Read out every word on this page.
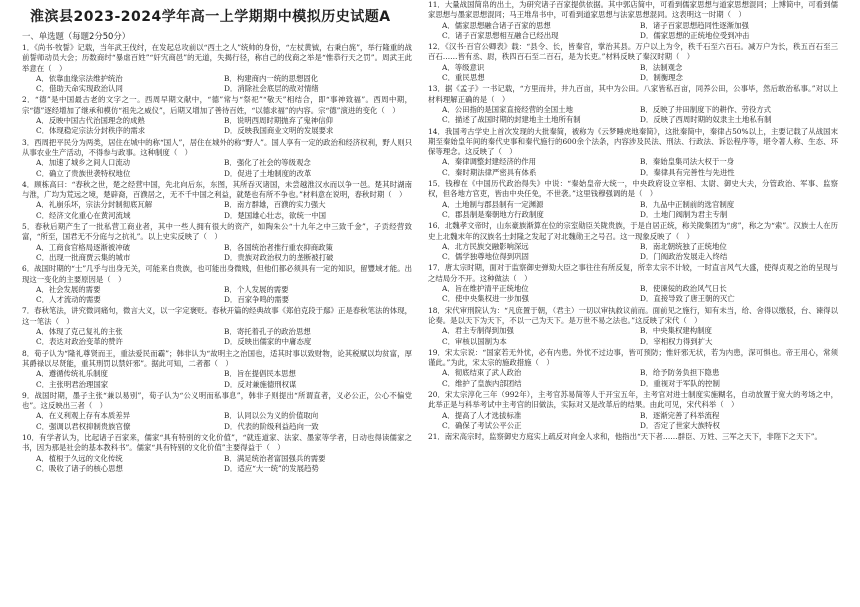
淮滨县2023-2024学年高一上学期期中模拟历史试题A
一、单选题（每题2分50分）

1．《尚书·牧誓》记载，当年武王伐纣，在发起总攻前以“西土之人”统帅的身份，“左杖黄钺，右秉白旄”，举行隆重的战前誓师动员大会；历数商纣“暴虐百姓”“奸宄商邑”的无道，失揭行径，称自己的伐商之举是“惟恭行天之罚”。周武王此举意在（　）

A．依靠血缘宗法维护统治	B．构建商内一统的思想固化
C．借助天命实现政治认同	D．消除社会底层的敌对情绪

2．“德”是中国最古老的文字之一。西周早期文献中，“德”常与“祭祀”“敬天”相结合，即“事神致福”。西周中期，宗“德”逐经增加了继承和模仿“祖先之威仪”，后期又增加了善待百姓，“以德求福”的内容。宗“德”演进的变化（　）

A．反映中国古代治国理念的成熟	B．说明西周时期抛弃了鬼神信仰
C．体现稳定宗法分封秩序的需求	D．反映我国商业文明的发展要求

3．西周把平民分为两类，居住在城中的称“国人”，居住在城外的称“野人”。国人享有一定的政治和经济权利，野人则只从事农业生产活动，不得参与政事。这种制度（　）

A．加速了城乡之间人口流动	B．强化了社会的等级观念
C．确立了贵族世袭特权地位	D．促进了土地制度的改革

4．顾栋高曰：“春秋之世，楚之经营中国，先北向后东，东图，其所吞灭诸国，未尝越淮汉水而以争一邑。楚其时湖南与淮，广均为荒远之境，楚辟裔，百濮居之，无不千中国之利益，就楚也有所不争也。”材料意在说明，春秋时期（　）

A．礼崩乐坏，宗法分封制彻底瓦解	B．南方群雄，百濮的实力强大
C．经济文化重心在黄河流域	D．楚国雄心壮志，欲统一中国

5．春秋后期产生了一批私营工商业者，其中一些人拥有很大的资产，如陶朱公“十九年之中三致千金”，子贡经营致富，“所至，国君无不分庭与之抗礼”。以上史实反映了（　）

A．工商食官格局逐渐被冲破	B．各国统治者推行重农抑商政策
C．出现一批商贾云集的城市	D．贵族对政治权力的垄断被打破

6．战国时期的“士”几乎与出身无关，可能来自贵族，也可能出身微贱，但他们都必须具有一定的知识，留豐域才能。出现这一变化的主要原因是（　）

A．社会发展的需要	B．个人发展的需要
C．人才流动的需要	D．百家争鸣的需要

7．春秋笔法，讲究微词痛句，微言大义，以一字定褒贬。春秋开篇的经典故事《郑伯克段于鄢》正是春秋笔法的体现，这一笔法（　）

A．体现了克己复礼的主张	B．寄托着孔子的政治思想
C．表达对政治变革的赞许	D．反映出儒家的中庸态度

8．荀子认为“隆礼尊贤而王，重法爱民而霸”；韩非认为“故明主之治国也，适其时事以致财物，论其税赋以均贫富，厚其爵禄以尽贤能，重其刑罚以禁奸邪”。据此可知，二者都（　）

A．遵循传统礼乐制度	B．旨在提倡民本思想
C．主张明君治理国家	D．反对兼施德刑权谋

9．战国时期，墨子主张“兼以易别”，荀子认为“公义明而私事息”，韩非子则提出“所谓直者，义必公正，公心不偏党也”。这反映出三者（　）

A．在义利观上存有本质差异	B．认同以公为义的价值取向
C．强调以君权抑制贵族官僚	D．代表的阶级利益趋向一致

10．有学者认为，比起诸子百家来，儒家“具有特别的文化价值”，“就连道家、法家、墨家等学者，日动也得读儒家之书，因为那是社会的基本教科书”。儒家“具有特别的文化价值”主要得益于（　）

A．植根于久远的文化传统	B．满足统治者富国强兵的需要
C．吸收了诸子的核心思想	D．适应“大一统”的发展趋势

11．大量战国简帛的出土，为研究诸子百家提供依据。其中郭店简中，可看到儒家思想与道家思想混同；上博简中，可看到儒家思想与墨家思想混同；马王堆帛书中，可看到道家思想与法家思想混同。这表明这一时期（　）

A．儒家思想融合诸子百家的思想	B．诸子百家思想趋同性逐渐加强
C．诸子百家思想相互融合已经出现	D．儒家思想的正统地位受到冲击

12．《汉书·百官公卿表》载：“县令、长，皆秦官，掌治其县。万户以上为令，秩千石至六百石。减万户为长，秩五百石至三百石……皆有丞、尉，秩四百石至二百石，是为长吏。”材料反映了秦汉时期（　）

A．等级意识	B．法制观念
C．重民思想	D．制衡理念

13．据《孟子》一书记载，“方里而井，井九百亩，其中为公田。八家皆私百亩，同养公田，公事毕，然后敢治私事。”对以上材料理解正确的是（　）

A．公田指的是国家直接经营的全国土地	B．反映了井田制度下的耕作、劳役方式
C．描述了战国时期的封建地主土地所有制	D．反映了西周时期的奴隶主土地私有制

14．我国考古学史上首次发现的大批秦简，被称为《云梦睡虎地秦简》，这批秦简中，秦律占50%以上，主要记载了从战国末期至秦始皇年间的秦代史事和秦代施行的600余个法条，内容涉及民法、刑法、行政法、诉讼程序等，堪令著人称、生态、环保等理念。这反映了（　）

A．秦律调整封建经济的作用	B．秦始皇集司法大权于一身
C．秦时期法律严密具有体系	D．秦律具有完善性与先进性

15．钱穆在《中国历代政治得失》中说：“秦始皇帝大统一，中央政府设立宰相、太尉、御史大夫，分管政治、军事、监察权，但各地方官吏，皆由中央任免，不世袭。”这里钱穆强调的是（　）

A．土地制与郡县制有一定渊源	B．九品中正制前的选官制度
C．郡县制是秦朝地方行政制度	D．土地门阀制为君主专制

16．北魏孝文帝时，山东豪族渐算在位的宗室勋臣关陇贵族，于是自居正统，称关陇集团为“虏”，称之为“索”。汉族士人在历史上北魏末年的汉族名士封隆之发起了对北魏勋王之号召。这一现象反映了（　）

A．北方民族交融影响深远	B．南北朝统独了正统地位
C．儒学独尊地位得到巩固	D．门阀政治发展走入终结

17．唐太宗时期，面对于监察御史弹劾大臣之事往往有所反复，所幸太宗不计较，一时直言风气大盛，使得贞观之治的呈现与之结局分不开。这种做法（　）

A．旨在维护清平正统地位	B．使谏佞的政治风气日长
C．使中央集权进一步加强	D．直接导致了唐王朝的灭亡

18．宋代审刑院认为：“凡庶置于朝，（君主）一切以审执救议前而。面前见之施行，知有未当，给、舍得以缴驳，台、谏得以论奏。是以天下为天下，不以一己为天下。是万世不易之法也。”这反映了宋代（　）

A．君主专制得到加强	B．中央集权建构制度
C．审核以国制为本	D．宰相权力得到扩大

19．宋太宗说：“国家若无外忧，必有内患。外忧不过边事，皆可预防；惟奸邪无状，若为内患，深可惧也。帝王用心，常须谨此。”为此，宋太宗的施政措施（　）

A．彻底结束了武人政治	B．给予防务负担下隐患
C．维护了皇族内部团结	D．重视对于军队的控制

20．宋太宗淳化三年（992年），主考官苏易简等人于开宝五年，主考官对进士制度实施糊名，自动放置于宽大的考场之中，此举正是与科举考试中主考官的旧做法，实际对又是改革后的结果。由此可见，宋代科举（　）

A．提高了人才选拔标准	B．逐渐完善了科举流程
C．确保了考试公平公正	D．否定了世家大族特权

21．南宋高宗时，监察御史方庭实上疏反对向金人求和，他指出“天下者……群臣、万姓、三军之天下，非陛下之天下”。
